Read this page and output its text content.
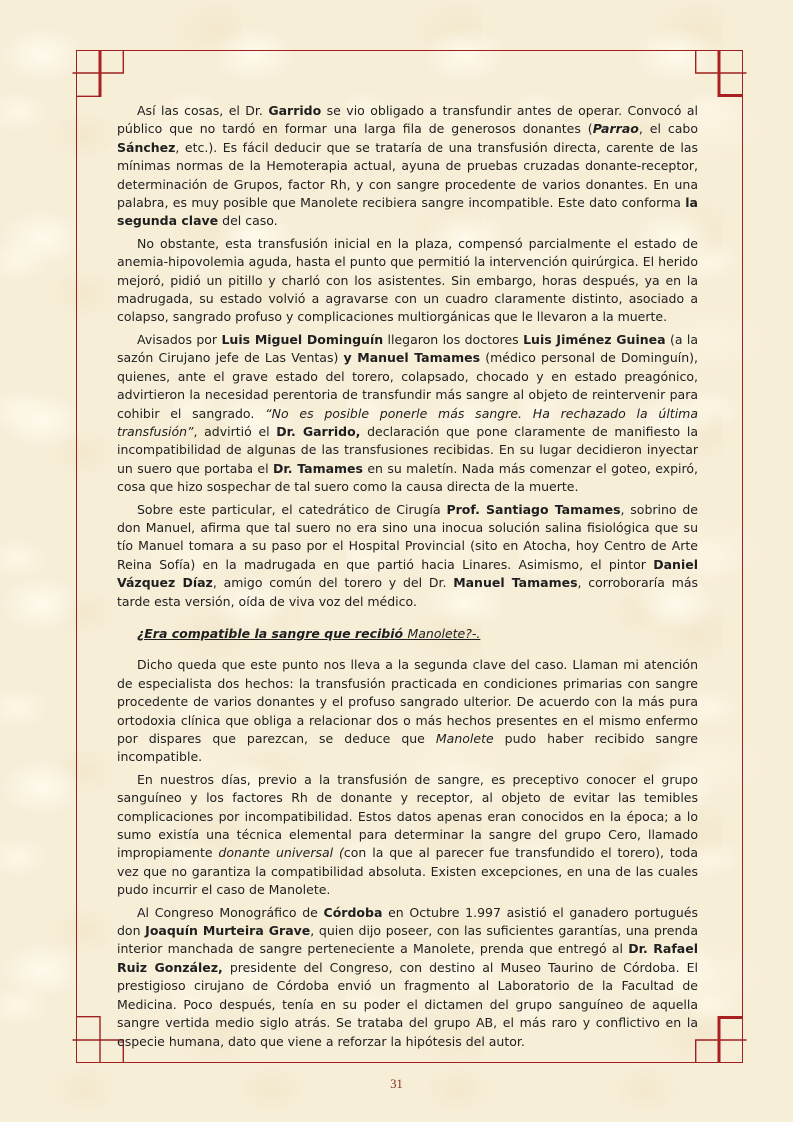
Así las cosas, el Dr. Garrido se vio obligado a transfundir antes de operar. Convocó al público que no tardó en formar una larga fila de generosos donantes (Parrao, el cabo Sánchez, etc.). Es fácil deducir que se trataría de una transfusión directa, carente de las mínimas normas de la Hemoterapia actual, ayuna de pruebas cruzadas donante-receptor, determinación de Grupos, factor Rh, y con sangre procedente de varios donantes. En una palabra, es muy posible que Manolete recibiera sangre incompatible. Este dato conforma la segunda clave del caso.

No obstante, esta transfusión inicial en la plaza, compensó parcialmente el estado de anemia-hipovolemia aguda, hasta el punto que permitió la intervención quirúrgica. El herido mejoró, pidió un pitillo y charló con los asistentes. Sin embargo, horas después, ya en la madrugada, su estado volvió a agravarse con un cuadro claramente distinto, asociado a colapso, sangrado profuso y complicaciones multiorgánicas que le llevaron a la muerte.

Avisados por Luis Miguel Dominguín llegaron los doctores Luis Jiménez Guinea (a la sazón Cirujano jefe de Las Ventas) y Manuel Tamames (médico personal de Dominguín), quienes, ante el grave estado del torero, colapsado, chocado y en estado preagónico, advirtieron la necesidad perentoria de transfundir más sangre al objeto de reintervenir para cohibir el sangrado. “No es posible ponerle más sangre. Ha rechazado la última transfusión”, advirtió el Dr. Garrido, declaración que pone claramente de manifiesto la incompatibilidad de algunas de las transfusiones recibidas. En su lugar decidieron inyectar un suero que portaba el Dr. Tamames en su maletín. Nada más comenzar el goteo, expiró, cosa que hizo sospechar de tal suero como la causa directa de la muerte.

Sobre este particular, el catedrático de Cirugía Prof. Santiago Tamames, sobrino de don Manuel, afirma que tal suero no era sino una inocua solución salina fisiológica que su tío Manuel tomara a su paso por el Hospital Provincial (sito en Atocha, hoy Centro de Arte Reina Sofía) en la madrugada en que partió hacia Linares. Asimismo, el pintor Daniel Vázquez Díaz, amigo común del torero y del Dr. Manuel Tamames, corroboraría más tarde esta versión, oída de viva voz del médico.

¿Era compatible la sangre que recibió Manolete?-.

Dicho queda que este punto nos lleva a la segunda clave del caso. Llaman mi atención de especialista dos hechos: la transfusión practicada en condiciones primarias con sangre procedente de varios donantes y el profuso sangrado ulterior. De acuerdo con la más pura ortodoxia clínica que obliga a relacionar dos o más hechos presentes en el mismo enfermo por dispares que parezcan, se deduce que Manolete pudo haber recibido sangre incompatible.

En nuestros días, previo a la transfusión de sangre, es preceptivo conocer el grupo sanguíneo y los factores Rh de donante y receptor, al objeto de evitar las temibles complicaciones por incompatibilidad. Estos datos apenas eran conocidos en la época; a lo sumo existía una técnica elemental para determinar la sangre del grupo Cero, llamado impropiamente donante universal (con la que al parecer fue transfundido el torero), toda vez que no garantiza la compatibilidad absoluta. Existen excepciones, en una de las cuales pudo incurrir el caso de Manolete.

Al Congreso Monográfico de Córdoba en Octubre 1.997 asistió el ganadero portugués don Joaquín Murteira Grave, quien dijo poseer, con las suficientes garantías, una prenda interior manchada de sangre perteneciente a Manolete, prenda que entregó al Dr. Rafael Ruiz González, presidente del Congreso, con destino al Museo Taurino de Córdoba. El prestigioso cirujano de Córdoba envió un fragmento al Laboratorio de la Facultad de Medicina. Poco después, tenía en su poder el dictamen del grupo sanguíneo de aquella sangre vertida medio siglo atrás. Se trataba del grupo AB, el más raro y conflictivo en la especie humana, dato que viene a reforzar la hipótesis del autor.

31
